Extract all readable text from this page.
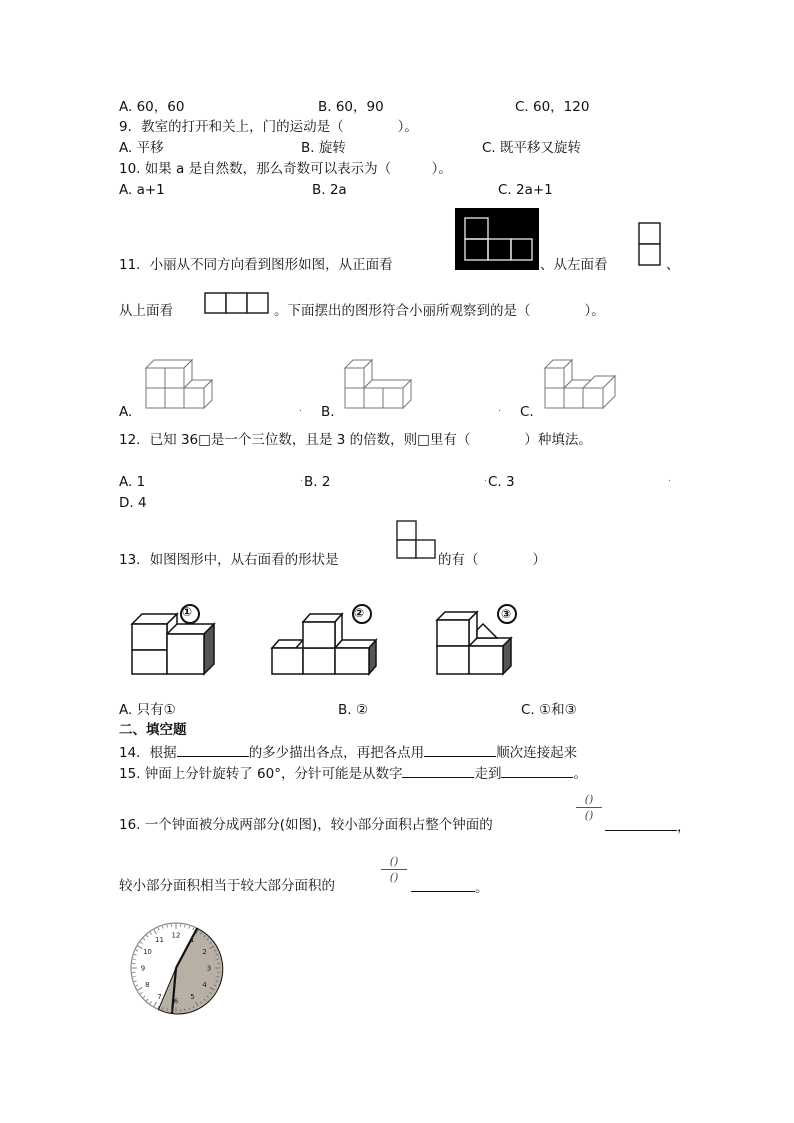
A. 60，60	B. 60，90	C. 60，120
9．教室的打开和关上，门的运动是（　　　　）。
A. 平移	B. 旋转	C. 既平移又旋转
10. 如果 a 是自然数，那么奇数可以表示为（　　　）。
A. a+1	B. 2a	C. 2a+1
11．小丽从不同方向看到图形如图，从正面看	、从左面看	、
从上面看	。下面摆出的图形符合小丽所观察到的是（　　　　）。
A.	. B.	. C.
12．已知 36□是一个三位数，且是 3 的倍数，则□里有（　　　　）种填法。
A. 1	. B. 2	. C. 3	.
D. 4
13．如图图形中，从右面看的形状是	的有（　　　　）
①	②	③
A. 只有①	B. ②	C. ①和③
二、填空题
14．根据	的多少描出各点，再把各点用	顺次连接起来
15. 钟面上分针旋转了 60°，分针可能是从数字	走到	。
16. 一个钟面被分成两部分(如图)，较小部分面积占整个钟面的
()
()
，
较小部分面积相当于较大部分面积的
()
()
。
12
1
2
3
4
5
6
7
8
9
10
11
